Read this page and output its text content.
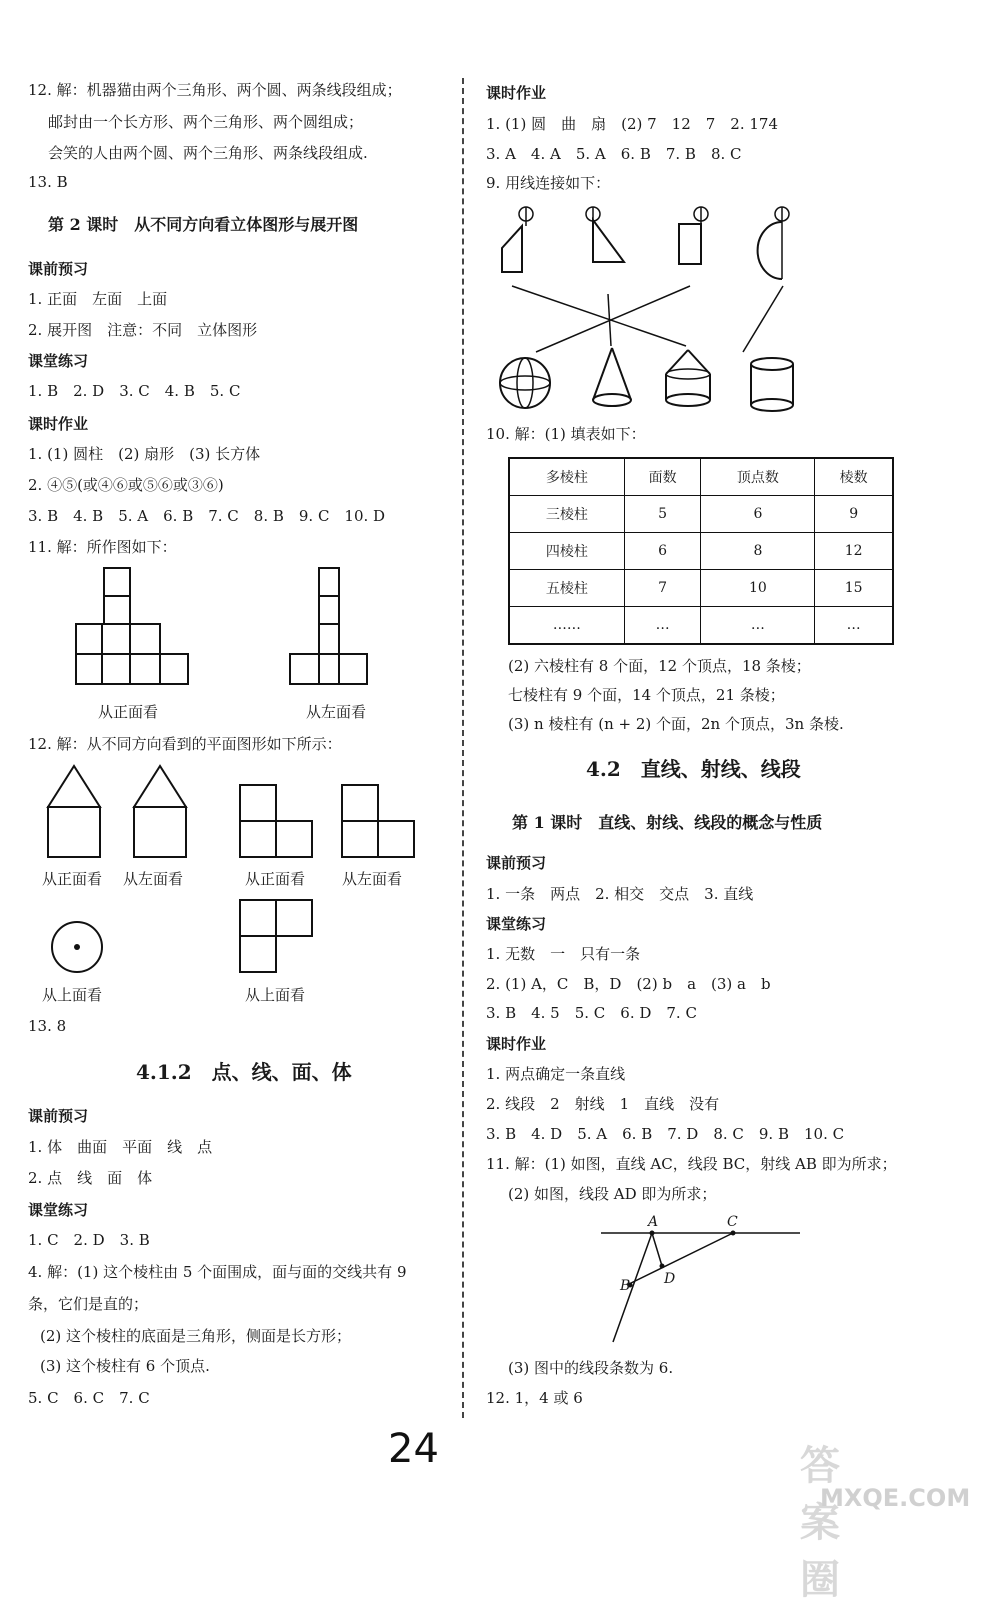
12. 解：机器猫由两个三角形、两个圆、两条线段组成；
邮封由一个长方形、两个三角形、两个圆组成；
会笑的人由两个圆、两个三角形、两条线段组成.
13. B
第 2 课时　从不同方向看立体图形与展开图
课前预习
1. 正面　左面　上面
2. 展开图　注意：不同　立体图形
课堂练习
1. B　2. D　3. C　4. B　5. C
课时作业
1. (1) 圆柱　(2) 扇形　(3) 长方体
2. ④⑤(或④⑥或⑤⑥或③⑥)
3. B　4. B　5. A　6. B　7. C　8. B　9. C　10. D
11. 解：所作图如下：
从正面看	从左面看
12. 解：从不同方向看到的平面图形如下所示：
从正面看 从左面看	从正面看 从左面看
从上面看	从上面看
13. 8
4.1.2　点、线、面、体
课前预习
1. 体　曲面　平面　线　点
2. 点　线　面　体
课堂练习
1. C　2. D　3. B
4. 解：(1) 这个棱柱由 5 个面围成，面与面的交线共有 9
条，它们是直的；
(2) 这个棱柱的底面是三角形，侧面是长方形；
(3) 这个棱柱有 6 个顶点.
5. C　6. C　7. C
课时作业
1. (1) 圆　曲　扇　(2) 7　12　7　2. 174
3. A　4. A　5. A　6. B　7. B　8. C
9. 用线连接如下：
10. 解：(1) 填表如下：
多棱柱	面数	顶点数	棱数
三棱柱	5	6	9
四棱柱	6	8	12
五棱柱	7	10	15
……	…	…	…
(2) 六棱柱有 8 个面，12 个顶点，18 条棱；
七棱柱有 9 个面，14 个顶点，21 条棱；
(3) n 棱柱有 (n + 2) 个面，2n 个顶点，3n 条棱.
4.2　直线、射线、线段
第 1 课时　直线、射线、线段的概念与性质
课前预习
1. 一条　两点　2. 相交　交点　3. 直线
课堂练习
1. 无数　一　只有一条
2. (1) A，C　B，D　(2) b　a　(3) a　b
3. B　4. 5　5. C　6. D　7. C
课时作业
1. 两点确定一条直线
2. 线段　2　射线　1　直线　没有
3. B　4. D　5. A　6. B　7. D　8. C　9. B　10. C
11. 解：(1) 如图，直线 AC，线段 BC，射线 AB 即为所求；
(2) 如图，线段 AD 即为所求；
A	C
B D
(3) 图中的线段条数为 6.
12. 1，4 或 6
24	答案圈
MXQE.COM
